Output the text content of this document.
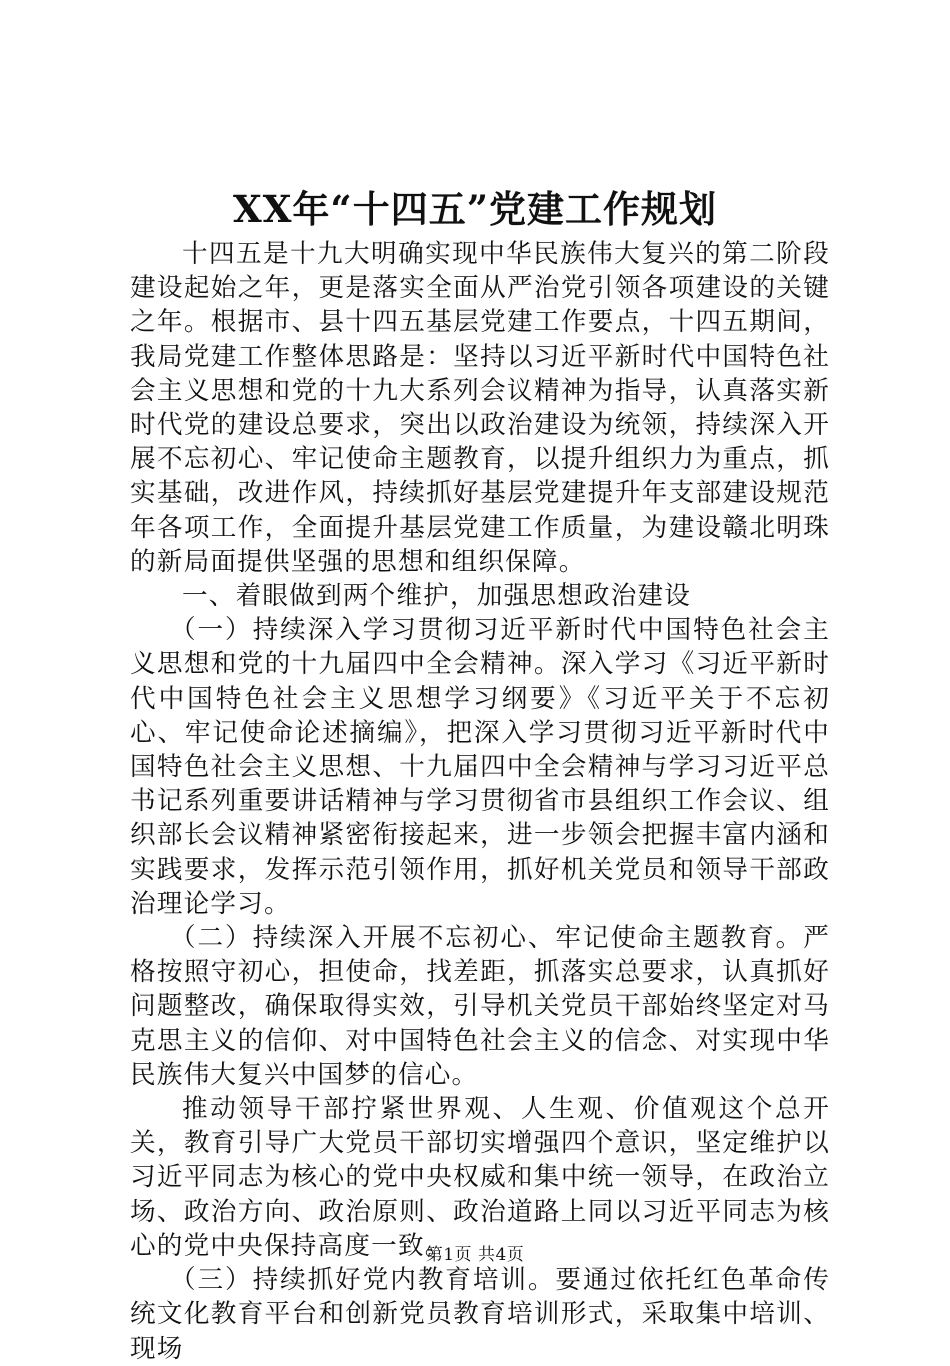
XX年“十四五”党建工作规划

十四五是十九大明确实现中华民族伟大复兴的第二阶段建设起始之年，更是落实全面从严治党引领各项建设的关键之年。根据市、县十四五基层党建工作要点，十四五期间，我局党建工作整体思路是：坚持以习近平新时代中国特色社会主义思想和党的十九大系列会议精神为指导，认真落实新时代党的建设总要求，突出以政治建设为统领，持续深入开展不忘初心、牢记使命主题教育，以提升组织力为重点，抓实基础，改进作风，持续抓好基层党建提升年支部建设规范年各项工作，全面提升基层党建工作质量，为建设赣北明珠的新局面提供坚强的思想和组织保障。

一、着眼做到两个维护，加强思想政治建设

（一）持续深入学习贯彻习近平新时代中国特色社会主义思想和党的十九届四中全会精神。深入学习《习近平新时代中国特色社会主义思想学习纲要》《习近平关于不忘初心、牢记使命论述摘编》，把深入学习贯彻习近平新时代中国特色社会主义思想、十九届四中全会精神与学习习近平总书记系列重要讲话精神与学习贯彻省市县组织工作会议、组织部长会议精神紧密衔接起来，进一步领会把握丰富内涵和实践要求，发挥示范引领作用，抓好机关党员和领导干部政治理论学习。

（二）持续深入开展不忘初心、牢记使命主题教育。严格按照守初心，担使命，找差距，抓落实总要求，认真抓好问题整改，确保取得实效，引导机关党员干部始终坚定对马克思主义的信仰、对中国特色社会主义的信念、对实现中华民族伟大复兴中国梦的信心。

推动领导干部拧紧世界观、人生观、价值观这个总开关，教育引导广大党员干部切实增强四个意识，坚定维护以习近平同志为核心的党中央权威和集中统一领导，在政治立场、政治方向、政治原则、政治道路上同以习近平同志为核心的党中央保持高度一致。

（三）持续抓好党内教育培训。要通过依托红色革命传统文化教育平台和创新党员教育培训形式，采取集中培训、现场

第1页 共4页
